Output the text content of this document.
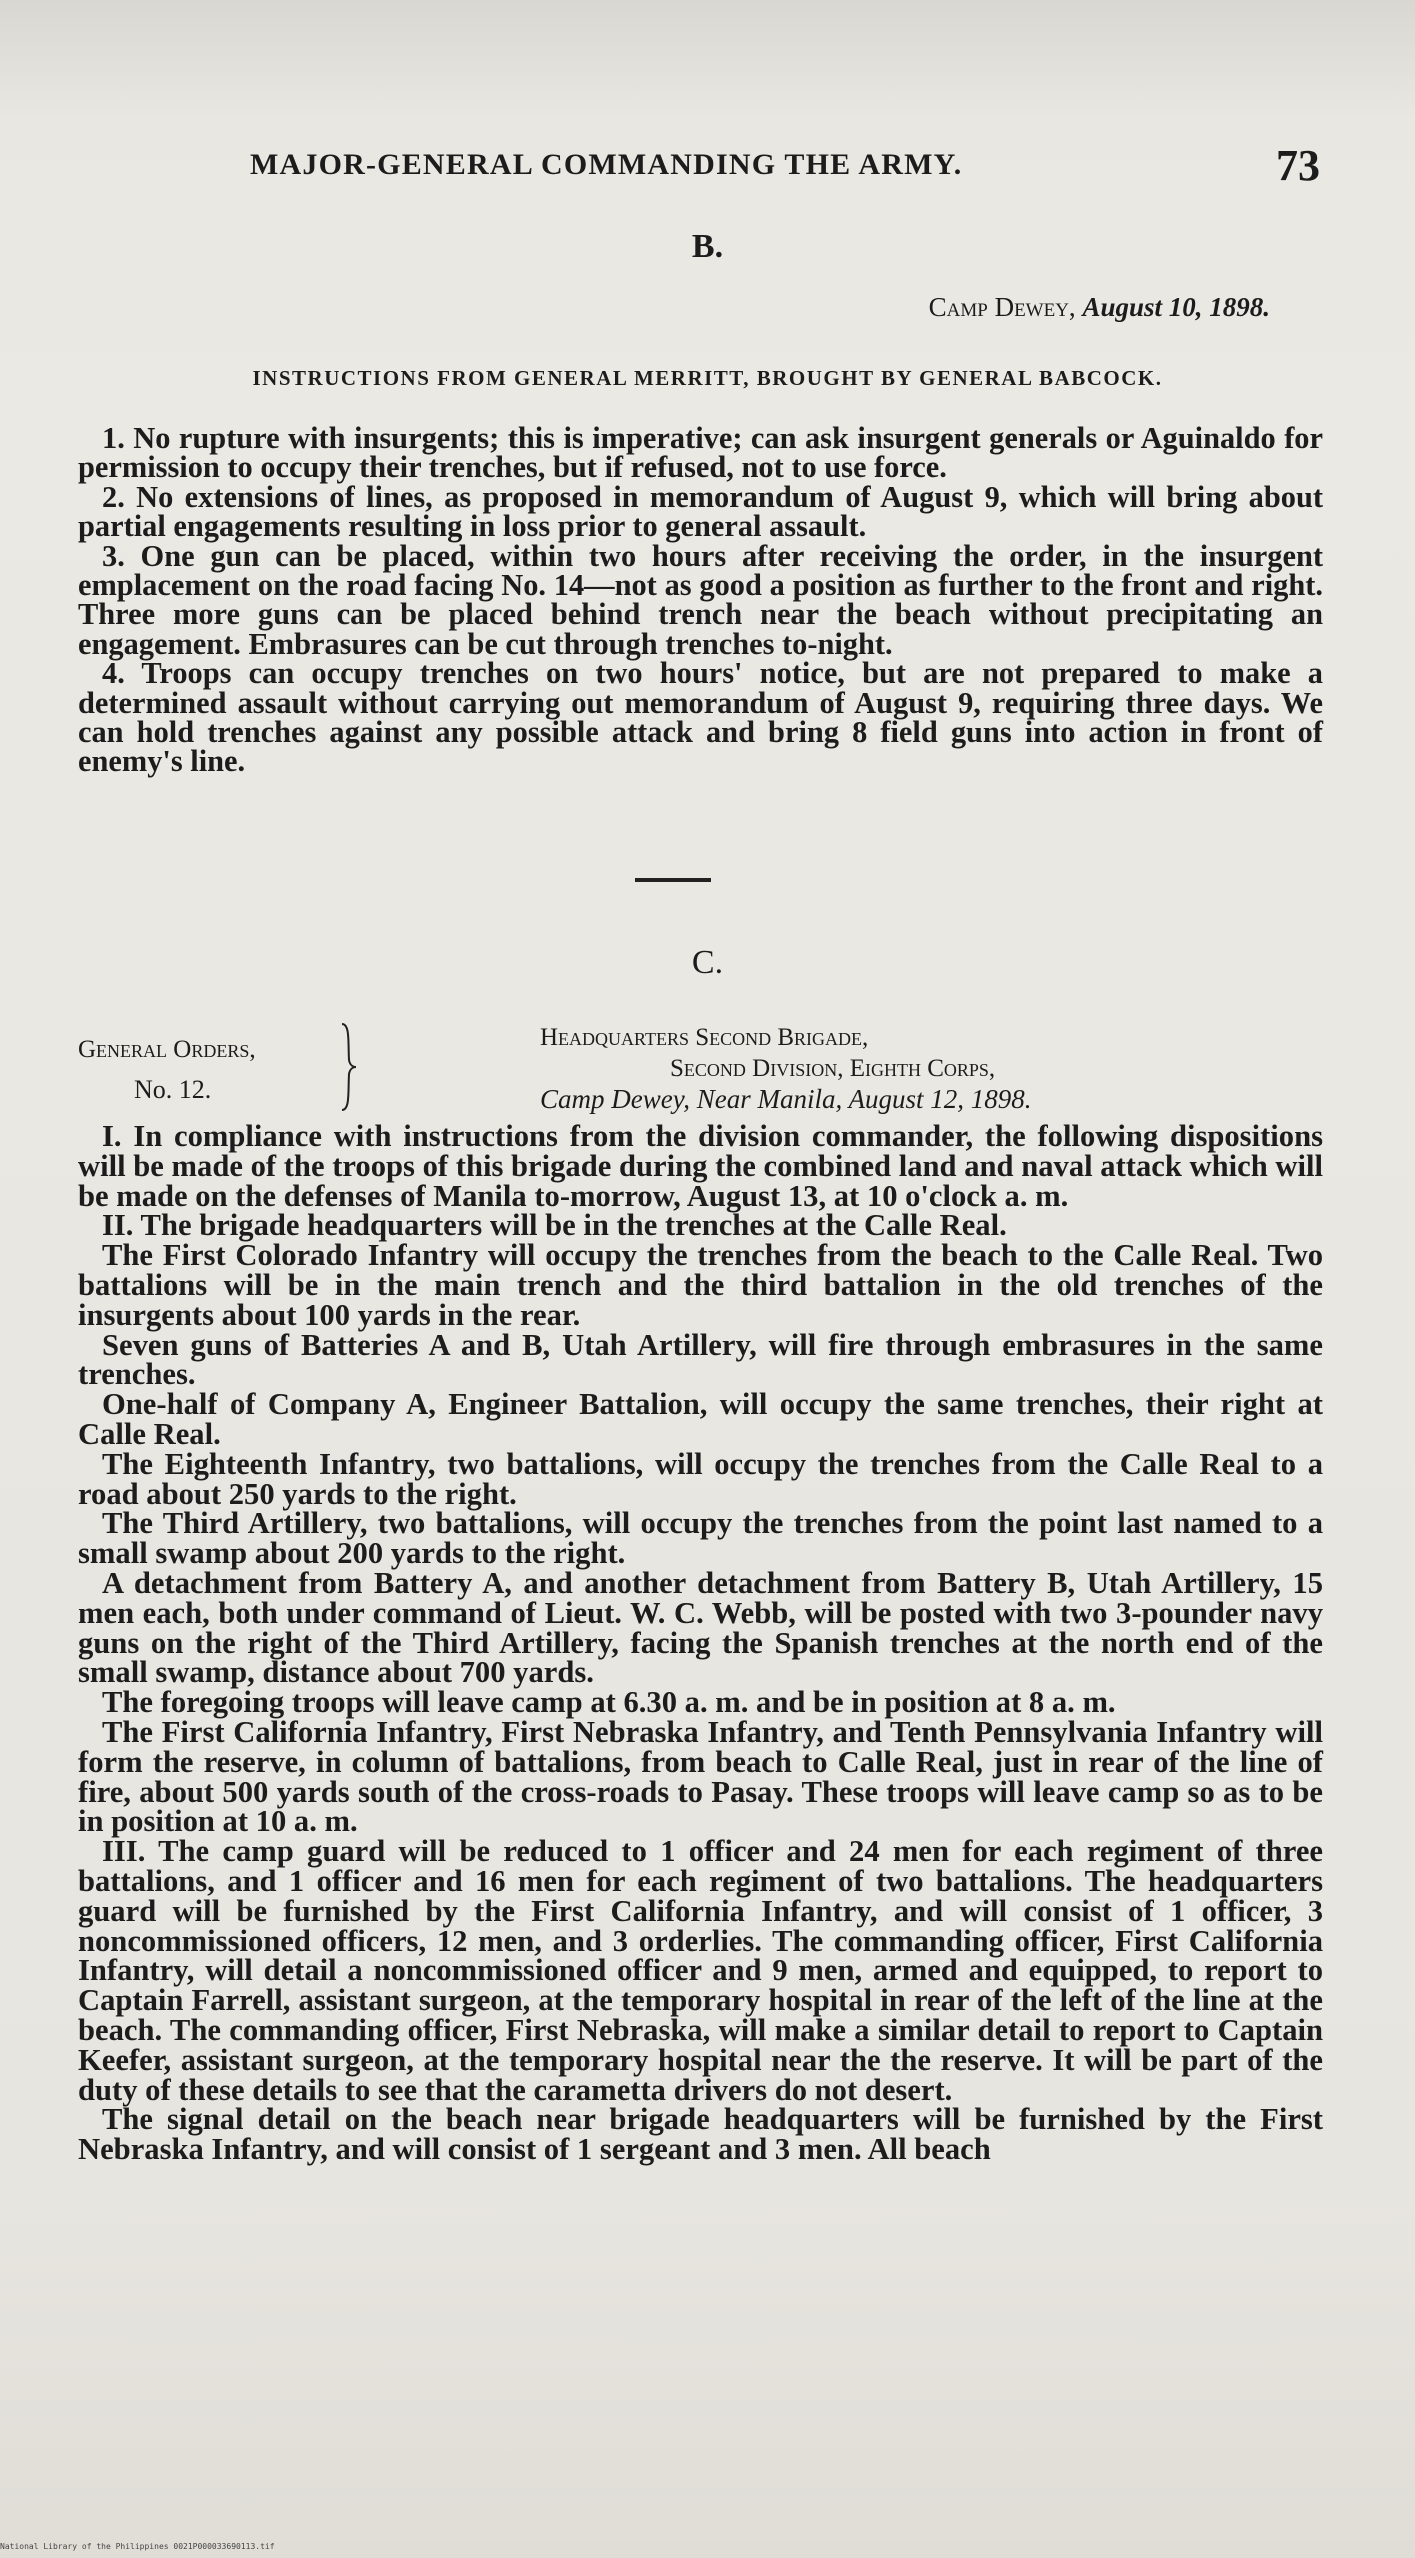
MAJOR-GENERAL COMMANDING THE ARMY.	73
B.
Camp Dewey, August 10, 1898.
INSTRUCTIONS FROM GENERAL MERRITT, BROUGHT BY GENERAL BABCOCK.

1. No rupture with insurgents; this is imperative; can ask insurgent generals or Aguinaldo for permission to occupy their trenches, but if refused, not to use force.

2. No extensions of lines, as proposed in memorandum of August 9, which will bring about partial engagements resulting in loss prior to general assault.

3. One gun can be placed, within two hours after receiving the order, in the insurgent emplacement on the road facing No. 14—not as good a position as further to the front and right. Three more guns can be placed behind trench near the beach without precipitating an engagement. Embrasures can be cut through trenches to-night.

4. Troops can occupy trenches on two hours' notice, but are not prepared to make a determined assault without carrying out memorandum of August 9, requiring three days. We can hold trenches against any possible attack and bring 8 field guns into action in front of enemy's line.

C.
General Orders,
No. 12.
Headquarters Second Brigade,
Second Division, Eighth Corps,
Camp Dewey, Near Manila, August 12, 1898.

I. In compliance with instructions from the division commander, the following dispositions will be made of the troops of this brigade during the combined land and naval attack which will be made on the defenses of Manila to-morrow, August 13, at 10 o'clock a. m.

II. The brigade headquarters will be in the trenches at the Calle Real.

The First Colorado Infantry will occupy the trenches from the beach to the Calle Real. Two battalions will be in the main trench and the third battalion in the old trenches of the insurgents about 100 yards in the rear.

Seven guns of Batteries A and B, Utah Artillery, will fire through embrasures in the same trenches.

One-half of Company A, Engineer Battalion, will occupy the same trenches, their right at Calle Real.

The Eighteenth Infantry, two battalions, will occupy the trenches from the Calle Real to a road about 250 yards to the right.

The Third Artillery, two battalions, will occupy the trenches from the point last named to a small swamp about 200 yards to the right.

A detachment from Battery A, and another detachment from Battery B, Utah Artillery, 15 men each, both under command of Lieut. W. C. Webb, will be posted with two 3-pounder navy guns on the right of the Third Artillery, facing the Spanish trenches at the north end of the small swamp, distance about 700 yards.

The foregoing troops will leave camp at 6.30 a. m. and be in position at 8 a. m.

The First California Infantry, First Nebraska Infantry, and Tenth Pennsylvania Infantry will form the reserve, in column of battalions, from beach to Calle Real, just in rear of the line of fire, about 500 yards south of the cross-roads to Pasay. These troops will leave camp so as to be in position at 10 a. m.

III. The camp guard will be reduced to 1 officer and 24 men for each regiment of three battalions, and 1 officer and 16 men for each regiment of two battalions. The headquarters guard will be furnished by the First California Infantry, and will consist of 1 officer, 3 noncommissioned officers, 12 men, and 3 orderlies. The commanding officer, First California Infantry, will detail a noncommissioned officer and 9 men, armed and equipped, to report to Captain Farrell, assistant surgeon, at the temporary hospital in rear of the left of the line at the beach. The commanding officer, First Nebraska, will make a similar detail to report to Captain Keefer, assistant surgeon, at the temporary hospital near the the reserve. It will be part of the duty of these details to see that the carametta drivers do not desert.

The signal detail on the beach near brigade headquarters will be furnished by the First Nebraska Infantry, and will consist of 1 sergeant and 3 men. All beach

National Library of the Philippines 0021P000033690113.tif
